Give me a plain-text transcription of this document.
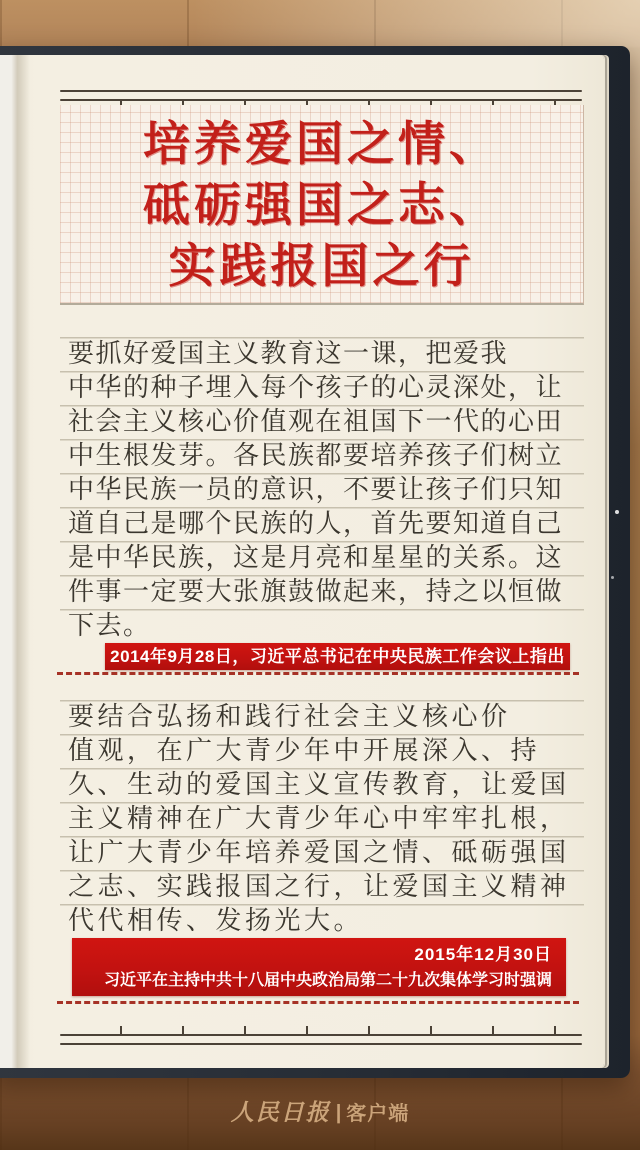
培养爱国之情、
砥砺强国之志、
实践报国之行
要抓好爱国主义教育这一课，把爱我
中华的种子埋入每个孩子的心灵深处，让
社会主义核心价值观在祖国下一代的心田
中生根发芽。各民族都要培养孩子们树立
中华民族一员的意识，不要让孩子们只知
道自己是哪个民族的人，首先要知道自己
是中华民族，这是月亮和星星的关系。这
件事一定要大张旗鼓做起来，持之以恒做
下去。
2014年9月28日，习近平总书记在中央民族工作会议上指出
要结合弘扬和践行社会主义核心价
值观，在广大青少年中开展深入、持
久、生动的爱国主义宣传教育，让爱国
主义精神在广大青少年心中牢牢扎根，
让广大青少年培养爱国之情、砥砺强国
之志、实践报国之行，让爱国主义精神
代代相传、发扬光大。
2015年12月30日
习近平在主持中共十八届中央政治局第二十九次集体学习时强调
人民日报 | 客户端
